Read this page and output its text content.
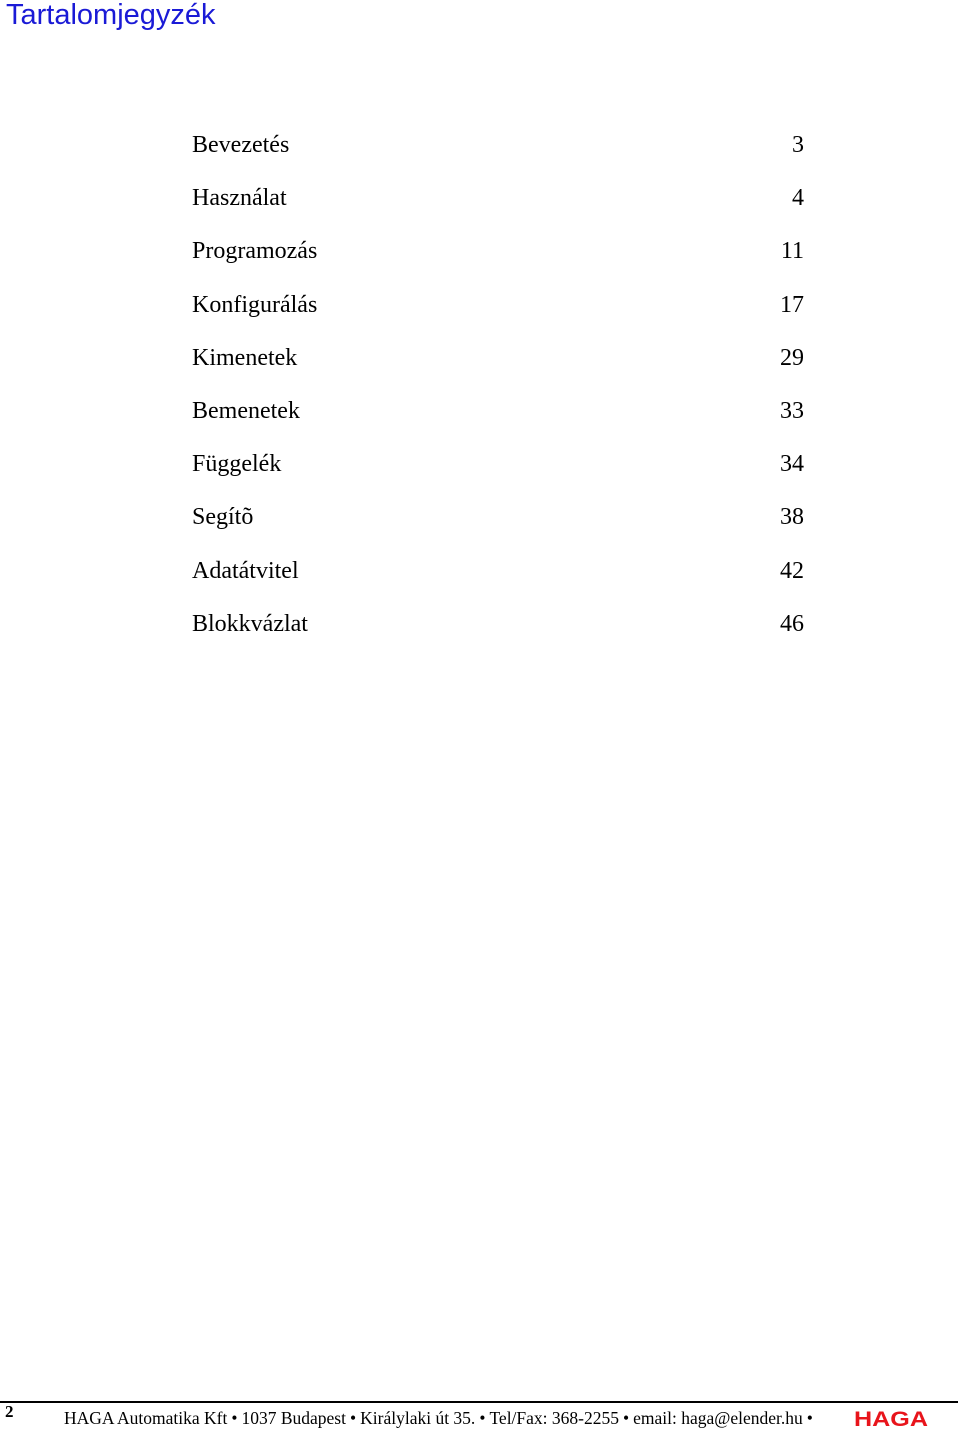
Tartalomjegyzék
Bevezetés	3
Használat	4
Programozás	11
Konfigurálás	17
Kimenetek	29
Bemenetek	33
Függelék	34
Segítõ	38
Adatátvitel	42
Blokkvázlat	46
2	HAGA Automatika Kft • 1037 Budapest • Királylaki út 35. • Tel/Fax: 368-2255 • email: haga@elender.hu • HAGA
